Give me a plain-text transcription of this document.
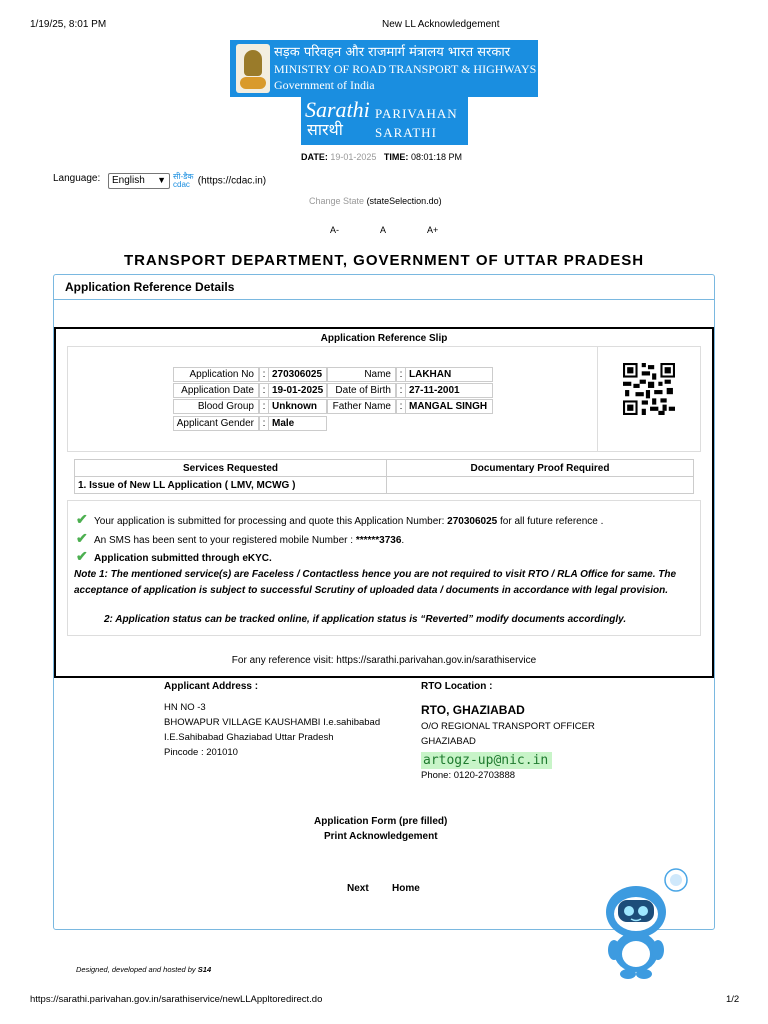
1/19/25, 8:01 PM	New LL Acknowledgement
सड़क परिवहन और राजमार्ग मंत्रालय भारत सरकार
MINISTRY OF ROAD TRANSPORT & HIGHWAYS
Government of India
Sarathi
सारथी
PARIVAHAN
SARATHI
DATE: 19-01-2025 TIME: 08:01:18 PM
Language:	English ▼ सी-डैक
cdac (https://cdac.in)
Change State (stateSelection.do)
A-	A	A+
TRANSPORT DEPARTMENT, GOVERNMENT OF UTTAR PRADESH
Application Reference Details
Application Reference Slip
Application No : 270306025	Name : LAKHAN
Application Date : 19-01-2025	Date of Birth : 27-11-2001
Blood Group : Unknown	Father Name : MANGAL SINGH
Applicant Gender : Male
Services Requested	Documentary Proof Required
1. Issue of New LL Application ( LMV, MCWG )	
✔ Your application is submitted for processing and quote this Application Number: 270306025 for all future reference .
✔ An SMS has been sent to your registered mobile Number : ******3736.
✔ Application submitted through eKYC.
Note 1: The mentioned service(s) are Faceless / Contactless hence you are not required to visit RTO / RLA Office for same. The acceptance of application is subject to successful Scrutiny of uploaded data / documents in accordance with legal provision.
2: Application status can be tracked online, if application status is “Reverted” modify documents accordingly.
For any reference visit: https://sarathi.parivahan.gov.in/sarathiservice
Applicant Address :
HN NO -3
BHOWAPUR VILLAGE KAUSHAMBI I.e.sahibabad
I.E.Sahibabad Ghaziabad Uttar Pradesh
Pincode : 201010
RTO Location :
RTO, GHAZIABAD
O/O REGIONAL TRANSPORT OFFICER
GHAZIABAD
artogz-up@nic.in
Phone: 0120-2703888
Application Form (pre filled)
Print Acknowledgement
Next Home
Designed, developed and hosted by S14
https://sarathi.parivahan.gov.in/sarathiservice/newLLAppltoredirect.do	1/2
